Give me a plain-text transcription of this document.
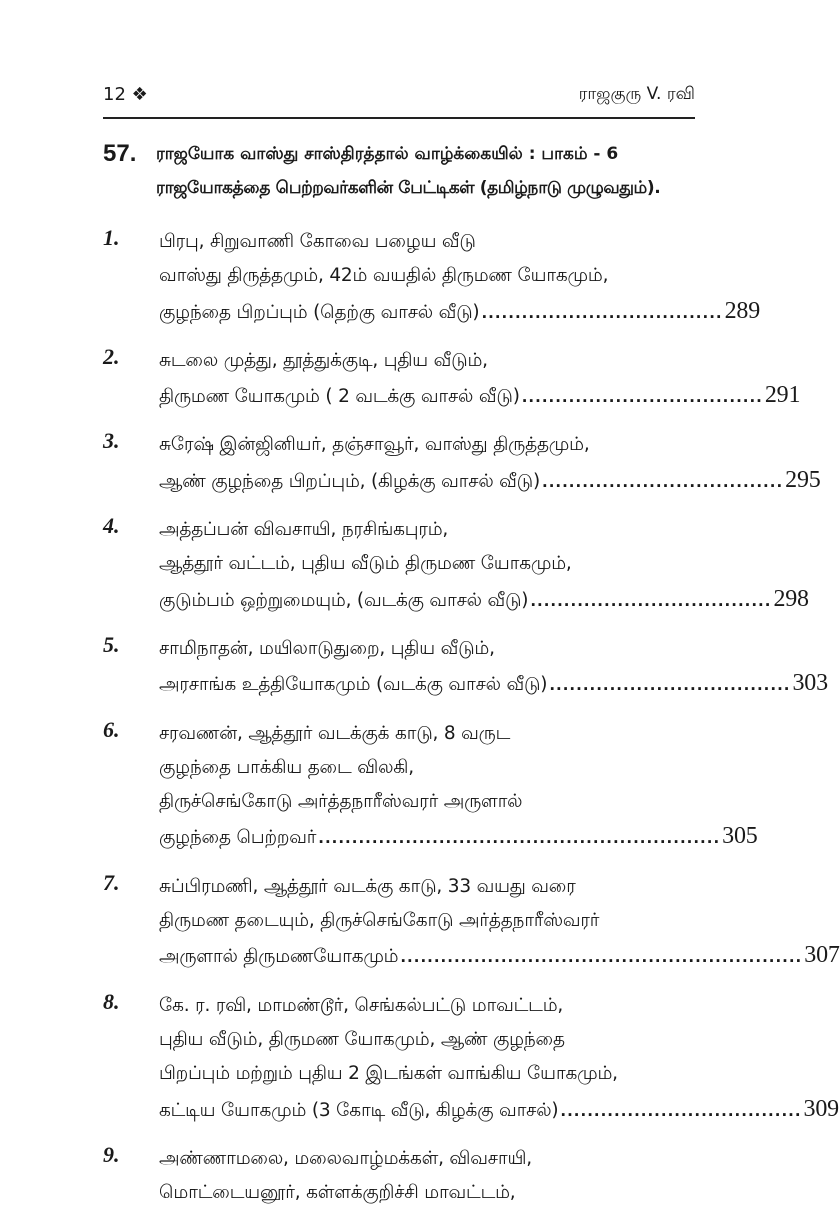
12 ❖	ராஜகுரு V. ரவி
57. ராஜயோக வாஸ்து சாஸ்திரத்தால் வாழ்க்கையில் : பாகம் - 6
ராஜயோகத்தை பெற்றவர்களின் பேட்டிகள் (தமிழ்நாடு முழுவதும்).
1. பிரபு, சிறுவாணி கோவை பழைய வீடு
வாஸ்து திருத்தமும், 42ம் வயதில் திருமண யோகமும்,
குழந்தை பிறப்பும் (தெற்கு வாசல் வீடு) .................................... 289
2. சுடலை முத்து, தூத்துக்குடி, புதிய வீடும்,
திருமண யோகமும் ( 2 வடக்கு வாசல் வீடு) .................................... 291
3. சுரேஷ் இன்ஜினியர், தஞ்சாவூர், வாஸ்து திருத்தமும்,
ஆண் குழந்தை பிறப்பும், (கிழக்கு வாசல் வீடு) .................................... 295
4. அத்தப்பன் விவசாயி, நரசிங்கபுரம்,
ஆத்தூர் வட்டம், புதிய வீடும் திருமண யோகமும்,
குடும்பம் ஒற்றுமையும், (வடக்கு வாசல் வீடு) .................................... 298
5. சாமிநாதன், மயிலாடுதுறை, புதிய வீடும்,
அரசாங்க உத்தியோகமும் (வடக்கு வாசல் வீடு) .................................... 303
6. சரவணன், ஆத்தூர் வடக்குக் காடு, 8 வருட
குழந்தை பாக்கிய தடை விலகி,
திருச்செங்கோடு அர்த்தநாரீஸ்வரர் அருளால்
குழந்தை பெற்றவர் ............................................................ 305
7. சுப்பிரமணி, ஆத்தூர் வடக்கு காடு, 33 வயது வரை
திருமண தடையும், திருச்செங்கோடு அர்த்தநாரீஸ்வரர்
அருளால் திருமணயோகமும் ............................................................ 307
8. கே. ர. ரவி, மாமண்டூர், செங்கல்பட்டு மாவட்டம்,
புதிய வீடும், திருமண யோகமும், ஆண் குழந்தை
பிறப்பும் மற்றும் புதிய 2 இடங்கள் வாங்கிய யோகமும்,
கட்டிய யோகமும் (3 கோடி வீடு, கிழக்கு வாசல்) .................................... 309
9. அண்ணாமலை, மலைவாழ்மக்கள், விவசாயி,
மொட்டையனூர், கள்ளக்குறிச்சி மாவட்டம்,
